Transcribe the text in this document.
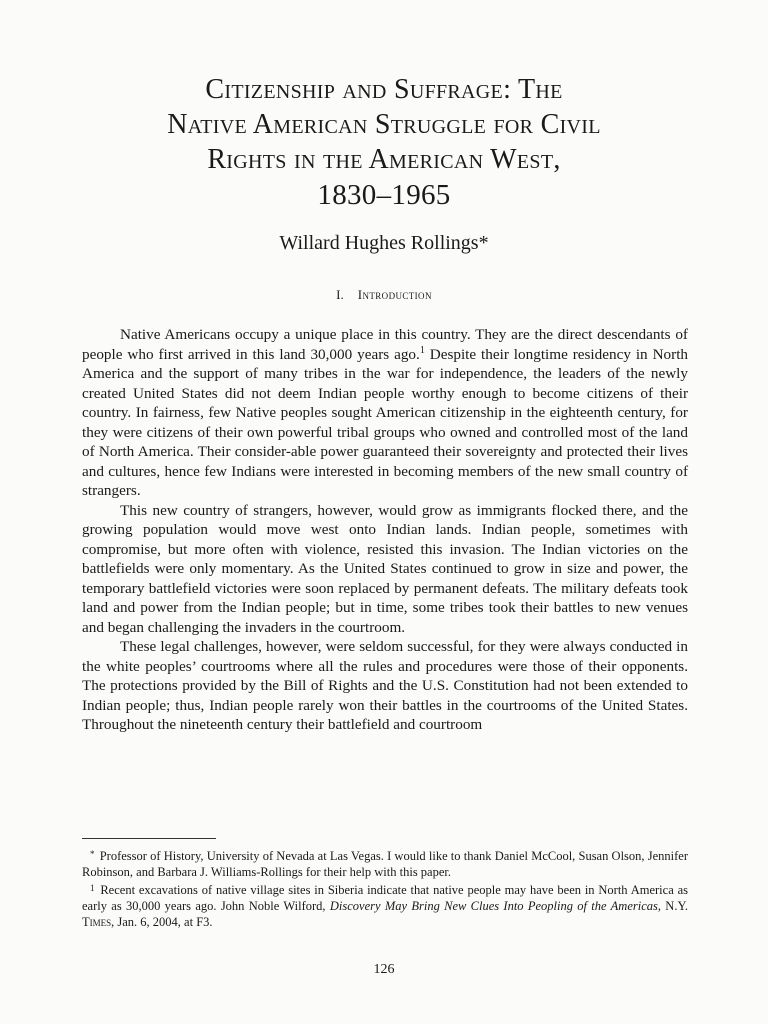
Citizenship and Suffrage: The
Native American Struggle for Civil
Rights in the American West,
1830–1965

Willard Hughes Rollings*

I. Introduction

Native Americans occupy a unique place in this country. They are the direct descendants of people who first arrived in this land 30,000 years ago.$^1$ Despite their longtime residency in North America and the support of many tribes in the war for independence, the leaders of the newly created United States did not deem Indian people worthy enough to become citizens of their country. In fairness, few Native peoples sought American citizenship in the eighteenth century, for they were citizens of their own powerful tribal groups who owned and controlled most of the land of North America. Their consider-able power guaranteed their sovereignty and protected their lives and cultures, hence few Indians were interested in becoming members of the new small country of strangers.

This new country of strangers, however, would grow as immigrants flocked there, and the growing population would move west onto Indian lands. Indian people, sometimes with compromise, but more often with violence, resisted this invasion. The Indian victories on the battlefields were only momentary. As the United States continued to grow in size and power, the temporary battlefield victories were soon replaced by permanent defeats. The military defeats took land and power from the Indian people; but in time, some tribes took their battles to new venues and began challenging the invaders in the courtroom.

These legal challenges, however, were seldom successful, for they were always conducted in the white peoples’ courtrooms where all the rules and procedures were those of their opponents. The protections provided by the Bill of Rights and the U.S. Constitution had not been extended to Indian people; thus, Indian people rarely won their battles in the courtrooms of the United States. Throughout the nineteenth century their battlefield and courtroom

* Professor of History, University of Nevada at Las Vegas. I would like to thank Daniel McCool, Susan Olson, Jennifer Robinson, and Barbara J. Williams-Rollings for their help with this paper.

$^1$ Recent excavations of native village sites in Siberia indicate that native people may have been in North America as early as 30,000 years ago. John Noble Wilford, Discovery May Bring New Clues Into Peopling of the Americas, N.Y. Times, Jan. 6, 2004, at F3.

126
